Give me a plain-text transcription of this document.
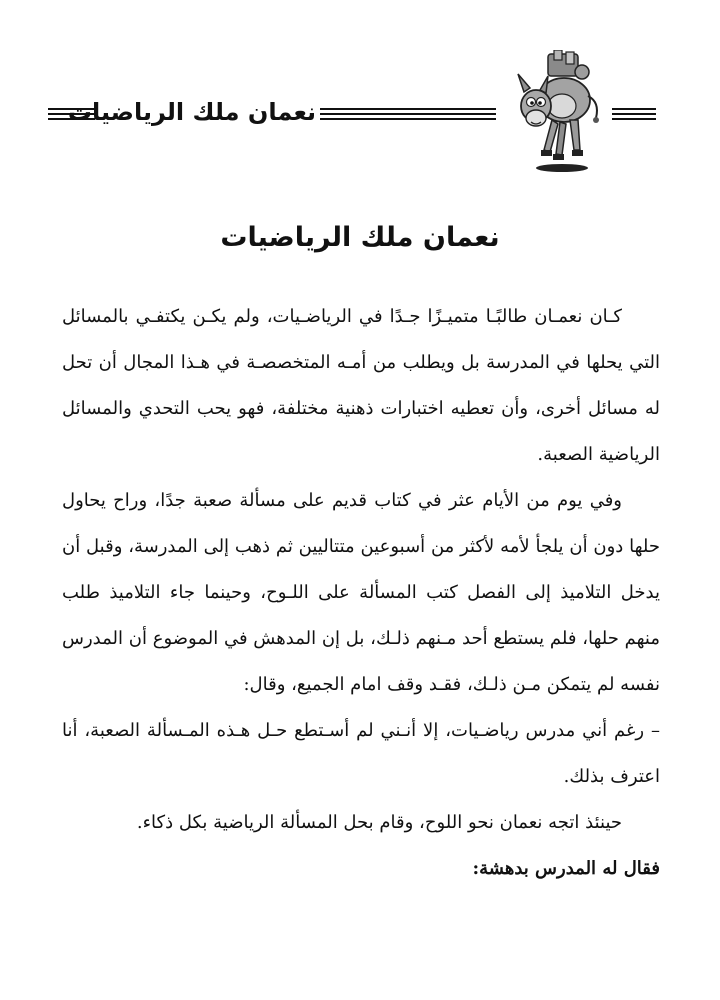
نعمان ملك الرياضيات
نعمان ملك الرياضيات

كـان نعمـان طالبًـا متميـزًا جـدًا في الرياضـيات، ولم يكـن يكتفـي بالمسائل التي يحلها في المدرسة بل ويطلب من أمـه المتخصصـة في هـذا المجال أن تحل له مسائل أخرى، وأن تعطيه اختبارات ذهنية مختلفة، فهو يحب التحدي والمسائل الرياضية الصعبة.

وفي يوم من الأيام عثر في كتاب قديم على مسألة صعبة جدًا، وراح يحاول حلها دون أن يلجأ لأمه لأكثر من أسبوعين متتاليين ثم ذهب إلى المدرسة، وقبل أن يدخل التلاميذ إلى الفصل كتب المسألة على اللـوح، وحينما جاء التلاميذ طلب منهم حلها، فلم يستطع أحد مـنهم ذلـك، بل إن المدهش في الموضوع أن المدرس نفسه لم يتمكن مـن ذلـك، فقـد وقف امام الجميع، وقال:

– رغم أني مدرس رياضـيات، إلا أنـني لم أسـتطع حـل هـذه المـسألة الصعبة، أنا اعترف بذلك.

حينئذ اتجه نعمان نحو اللوح، وقام بحل المسألة الرياضية بكل ذكاء.

فقال له المدرس بدهشة:
